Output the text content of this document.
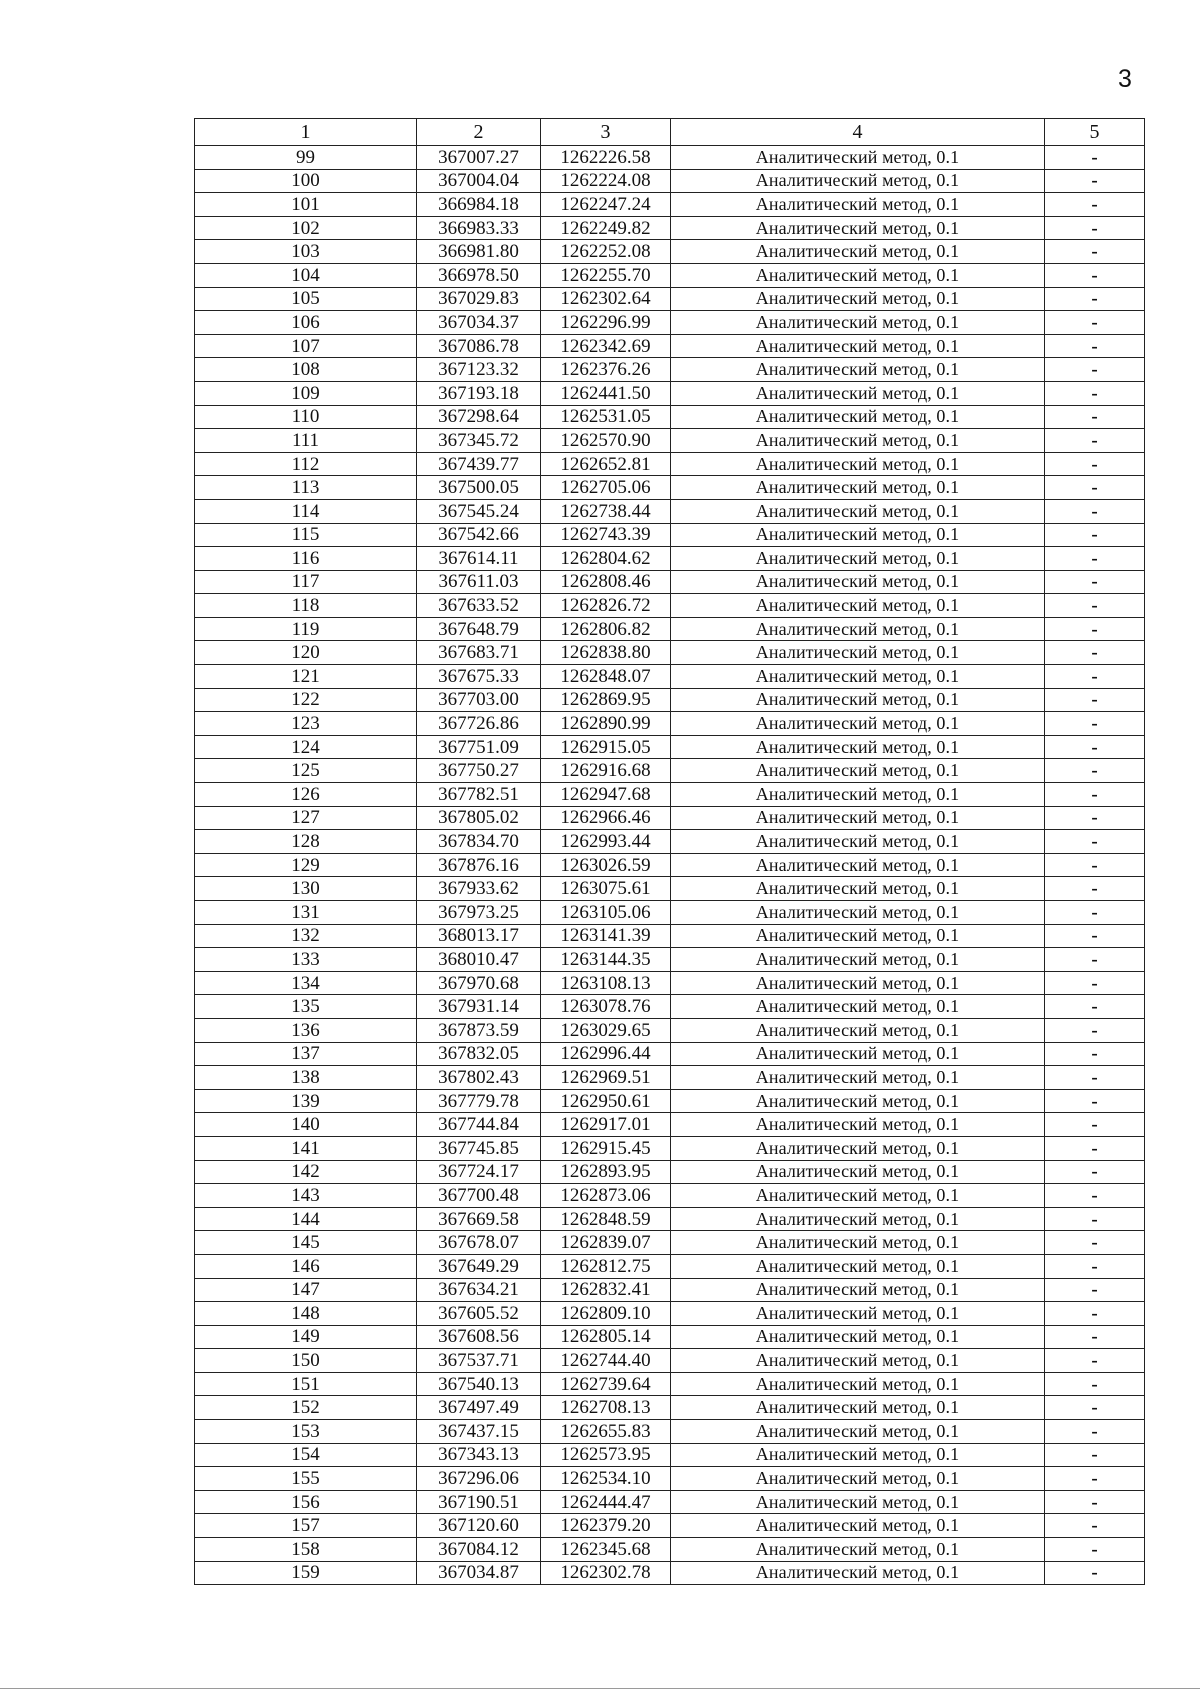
3
1	2	3	4	5
99	367007.27	1262226.58	Аналитический метод, 0.1	-
100	367004.04	1262224.08	Аналитический метод, 0.1	-
101	366984.18	1262247.24	Аналитический метод, 0.1	-
102	366983.33	1262249.82	Аналитический метод, 0.1	-
103	366981.80	1262252.08	Аналитический метод, 0.1	-
104	366978.50	1262255.70	Аналитический метод, 0.1	-
105	367029.83	1262302.64	Аналитический метод, 0.1	-
106	367034.37	1262296.99	Аналитический метод, 0.1	-
107	367086.78	1262342.69	Аналитический метод, 0.1	-
108	367123.32	1262376.26	Аналитический метод, 0.1	-
109	367193.18	1262441.50	Аналитический метод, 0.1	-
110	367298.64	1262531.05	Аналитический метод, 0.1	-
111	367345.72	1262570.90	Аналитический метод, 0.1	-
112	367439.77	1262652.81	Аналитический метод, 0.1	-
113	367500.05	1262705.06	Аналитический метод, 0.1	-
114	367545.24	1262738.44	Аналитический метод, 0.1	-
115	367542.66	1262743.39	Аналитический метод, 0.1	-
116	367614.11	1262804.62	Аналитический метод, 0.1	-
117	367611.03	1262808.46	Аналитический метод, 0.1	-
118	367633.52	1262826.72	Аналитический метод, 0.1	-
119	367648.79	1262806.82	Аналитический метод, 0.1	-
120	367683.71	1262838.80	Аналитический метод, 0.1	-
121	367675.33	1262848.07	Аналитический метод, 0.1	-
122	367703.00	1262869.95	Аналитический метод, 0.1	-
123	367726.86	1262890.99	Аналитический метод, 0.1	-
124	367751.09	1262915.05	Аналитический метод, 0.1	-
125	367750.27	1262916.68	Аналитический метод, 0.1	-
126	367782.51	1262947.68	Аналитический метод, 0.1	-
127	367805.02	1262966.46	Аналитический метод, 0.1	-
128	367834.70	1262993.44	Аналитический метод, 0.1	-
129	367876.16	1263026.59	Аналитический метод, 0.1	-
130	367933.62	1263075.61	Аналитический метод, 0.1	-
131	367973.25	1263105.06	Аналитический метод, 0.1	-
132	368013.17	1263141.39	Аналитический метод, 0.1	-
133	368010.47	1263144.35	Аналитический метод, 0.1	-
134	367970.68	1263108.13	Аналитический метод, 0.1	-
135	367931.14	1263078.76	Аналитический метод, 0.1	-
136	367873.59	1263029.65	Аналитический метод, 0.1	-
137	367832.05	1262996.44	Аналитический метод, 0.1	-
138	367802.43	1262969.51	Аналитический метод, 0.1	-
139	367779.78	1262950.61	Аналитический метод, 0.1	-
140	367744.84	1262917.01	Аналитический метод, 0.1	-
141	367745.85	1262915.45	Аналитический метод, 0.1	-
142	367724.17	1262893.95	Аналитический метод, 0.1	-
143	367700.48	1262873.06	Аналитический метод, 0.1	-
144	367669.58	1262848.59	Аналитический метод, 0.1	-
145	367678.07	1262839.07	Аналитический метод, 0.1	-
146	367649.29	1262812.75	Аналитический метод, 0.1	-
147	367634.21	1262832.41	Аналитический метод, 0.1	-
148	367605.52	1262809.10	Аналитический метод, 0.1	-
149	367608.56	1262805.14	Аналитический метод, 0.1	-
150	367537.71	1262744.40	Аналитический метод, 0.1	-
151	367540.13	1262739.64	Аналитический метод, 0.1	-
152	367497.49	1262708.13	Аналитический метод, 0.1	-
153	367437.15	1262655.83	Аналитический метод, 0.1	-
154	367343.13	1262573.95	Аналитический метод, 0.1	-
155	367296.06	1262534.10	Аналитический метод, 0.1	-
156	367190.51	1262444.47	Аналитический метод, 0.1	-
157	367120.60	1262379.20	Аналитический метод, 0.1	-
158	367084.12	1262345.68	Аналитический метод, 0.1	-
159	367034.87	1262302.78	Аналитический метод, 0.1	-
